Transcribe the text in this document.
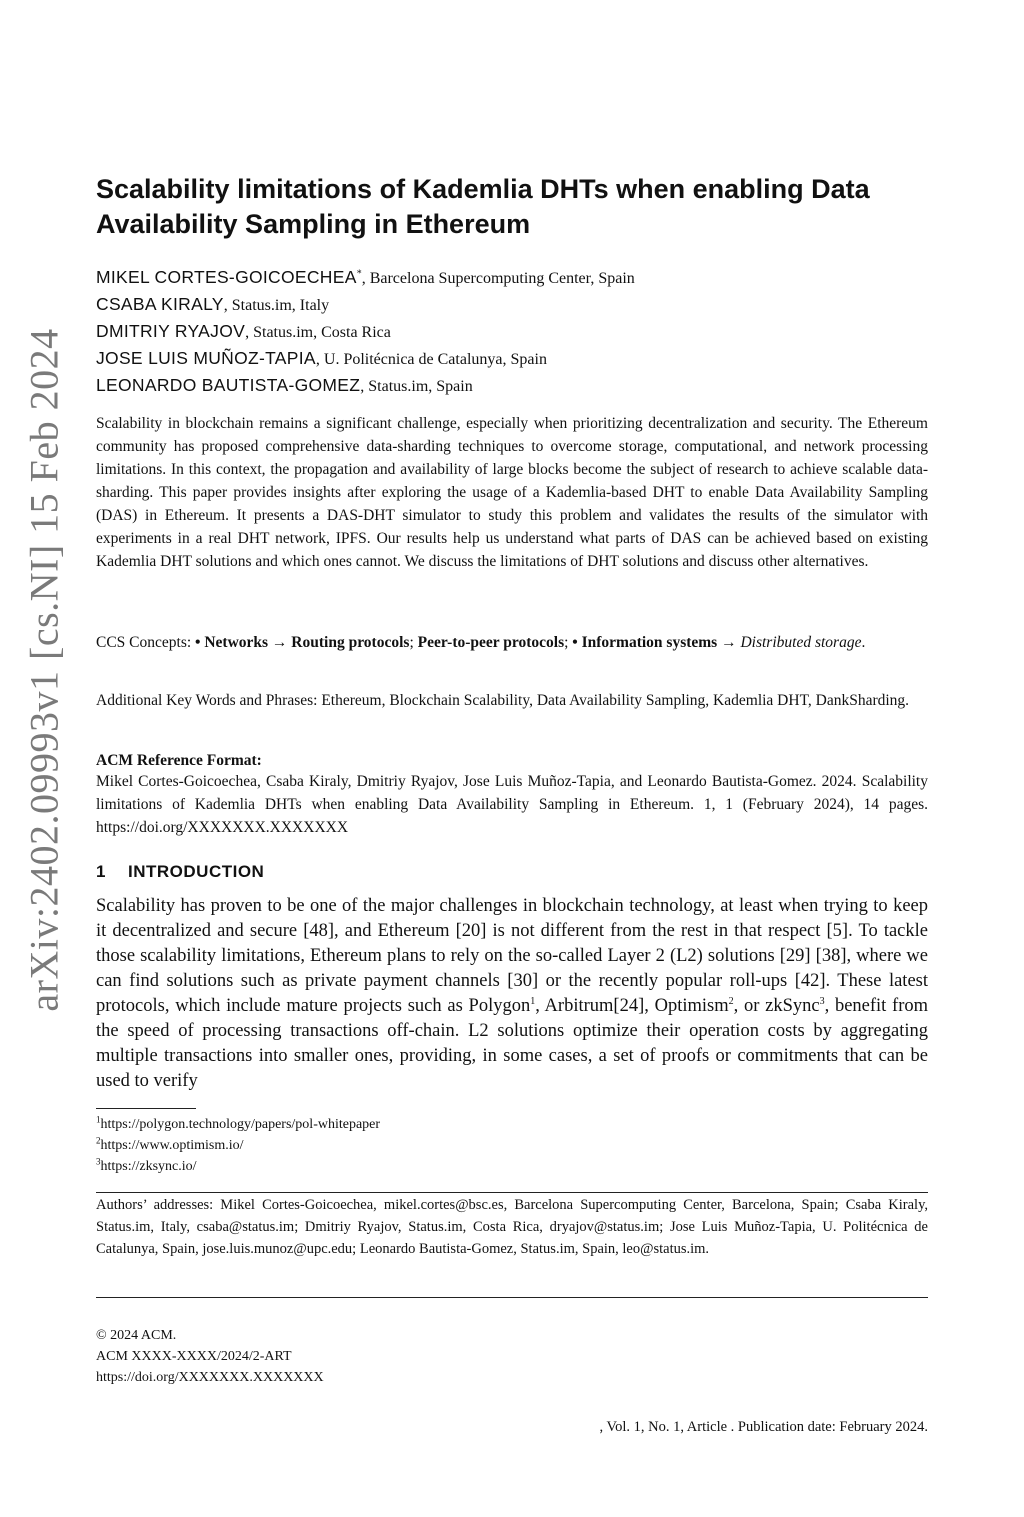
arXiv:2402.09993v1 [cs.NI] 15 Feb 2024
Scalability limitations of Kademlia DHTs when enabling Data Availability Sampling in Ethereum
MIKEL CORTES-GOICOECHEA*, Barcelona Supercomputing Center, Spain
CSABA KIRALY, Status.im, Italy
DMITRIY RYAJOV, Status.im, Costa Rica
JOSE LUIS MUÑOZ-TAPIA, U. Politécnica de Catalunya, Spain
LEONARDO BAUTISTA-GOMEZ, Status.im, Spain

Scalability in blockchain remains a significant challenge, especially when prioritizing decentralization and security. The Ethereum community has proposed comprehensive data-sharding techniques to overcome storage, computational, and network processing limitations. In this context, the propagation and availability of large blocks become the subject of research to achieve scalable data-sharding. This paper provides insights after exploring the usage of a Kademlia-based DHT to enable Data Availability Sampling (DAS) in Ethereum. It presents a DAS-DHT simulator to study this problem and validates the results of the simulator with experiments in a real DHT network, IPFS. Our results help us understand what parts of DAS can be achieved based on existing Kademlia DHT solutions and which ones cannot. We discuss the limitations of DHT solutions and discuss other alternatives.

CCS Concepts: • Networks → Routing protocols; Peer-to-peer protocols; • Information systems → Distributed storage.

Additional Key Words and Phrases: Ethereum, Blockchain Scalability, Data Availability Sampling, Kademlia DHT, DankSharding.

ACM Reference Format:

Mikel Cortes-Goicoechea, Csaba Kiraly, Dmitriy Ryajov, Jose Luis Muñoz-Tapia, and Leonardo Bautista-Gomez. 2024. Scalability limitations of Kademlia DHTs when enabling Data Availability Sampling in Ethereum. 1, 1 (February 2024), 14 pages. https://doi.org/XXXXXXX.XXXXXXX

1 INTRODUCTION

Scalability has proven to be one of the major challenges in blockchain technology, at least when trying to keep it decentralized and secure [48], and Ethereum [20] is not different from the rest in that respect [5]. To tackle those scalability limitations, Ethereum plans to rely on the so-called Layer 2 (L2) solutions [29] [38], where we can find solutions such as private payment channels [30] or the recently popular roll-ups [42]. These latest protocols, which include mature projects such as Polygon$^1$, Arbitrum[24], Optimism$^2$, or zkSync$^3$, benefit from the speed of processing transactions off-chain. L2 solutions optimize their operation costs by aggregating multiple transactions into smaller ones, providing, in some cases, a set of proofs or commitments that can be used to verify

$^1$https://polygon.technology/papers/pol-whitepaper
$^2$https://www.optimism.io/
$^3$https://zksync.io/
Authors’ addresses: Mikel Cortes-Goicoechea, mikel.cortes@bsc.es, Barcelona Supercomputing Center, Barcelona, Spain; Csaba Kiraly, Status.im, Italy, csaba@status.im; Dmitriy Ryajov, Status.im, Costa Rica, dryajov@status.im; Jose Luis Muñoz-Tapia, U. Politécnica de Catalunya, Spain, jose.luis.munoz@upc.edu; Leonardo Bautista-Gomez, Status.im, Spain, leo@status.im.
© 2024 ACM.
ACM XXXX-XXXX/2024/2-ART
https://doi.org/XXXXXXX.XXXXXXX
, Vol. 1, No. 1, Article . Publication date: February 2024.
